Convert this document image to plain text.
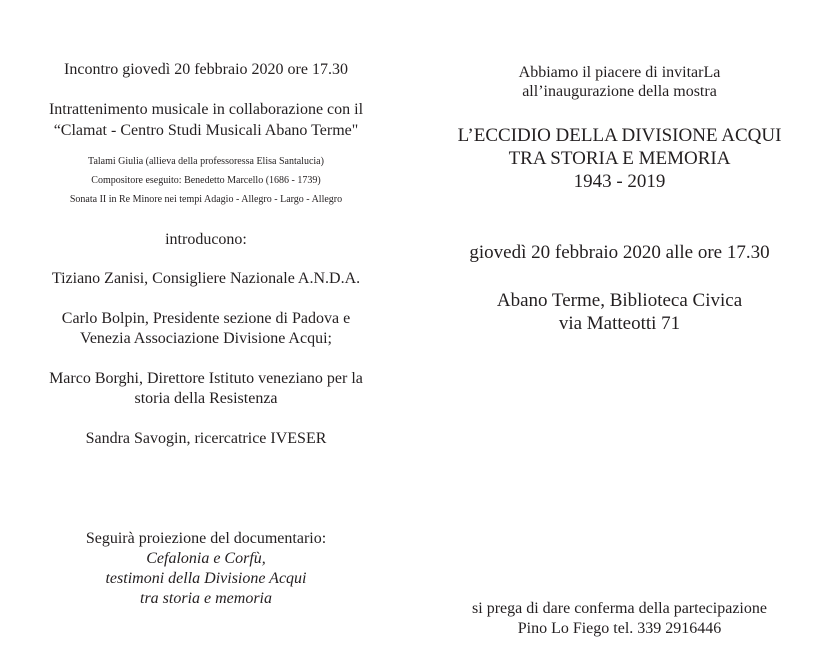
Incontro giovedì 20 febbraio 2020 ore 17.30
Intrattenimento musicale in collaborazione con il
“Clamat - Centro Studi Musicali Abano Terme"
Talami Giulia (allieva della professoressa Elisa Santalucia)
Compositore eseguito: Benedetto Marcello (1686 - 1739)
Sonata II in Re Minore nei tempi Adagio - Allegro - Largo - Allegro
introducono:
Tiziano Zanisi, Consigliere Nazionale A.N.D.A.
Carlo Bolpin, Presidente sezione di Padova e
Venezia Associazione Divisione Acqui;
Marco Borghi, Direttore Istituto veneziano per la
storia della Resistenza
Sandra Savogin, ricercatrice IVESER
Seguirà proiezione del documentario:
Cefalonia e Corfù,
testimoni della Divisione Acqui
tra storia e memoria
Abbiamo il piacere di invitarLa
all’inaugurazione della mostra
L’ECCIDIO DELLA DIVISIONE ACQUI
TRA STORIA E MEMORIA
1943 - 2019
giovedì 20 febbraio 2020 alle ore 17.30
Abano Terme, Biblioteca Civica
via Matteotti 71
si prega di dare conferma della partecipazione
Pino Lo Fiego tel. 339 2916446
